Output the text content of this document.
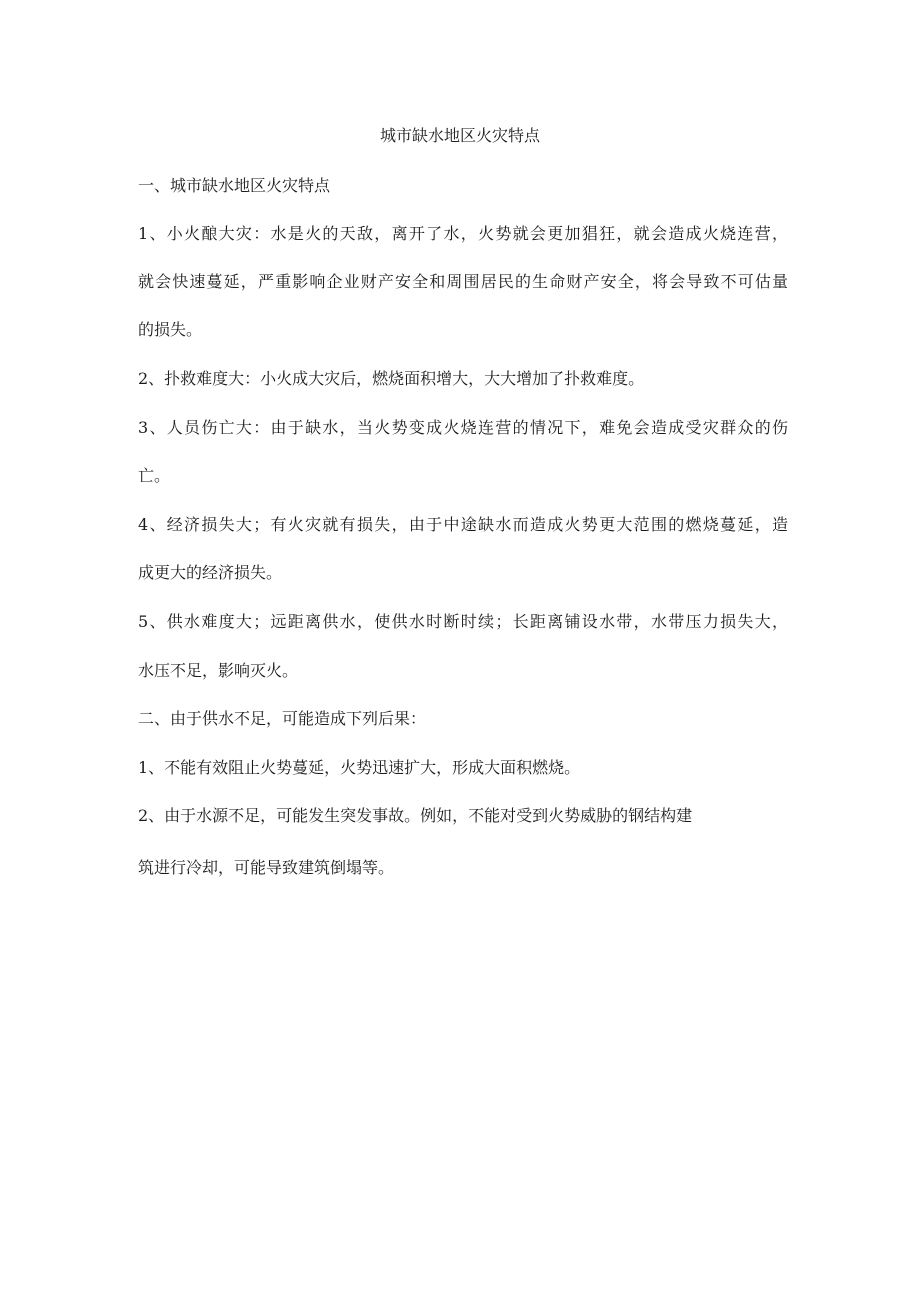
城市缺水地区火灾特点
一、城市缺水地区火灾特点
1、小火酿大灾：水是火的天敌，离开了水，火势就会更加猖狂，就会造成火烧连营，
就会快速蔓延，严重影响企业财产安全和周围居民的生命财产安全，将会导致不可估量
的损失。
2、扑救难度大：小火成大灾后，燃烧面积增大，大大增加了扑救难度。
3、人员伤亡大：由于缺水，当火势变成火烧连营的情况下，难免会造成受灾群众的伤
亡。
4、经济损失大；有火灾就有损失，由于中途缺水而造成火势更大范围的燃烧蔓延，造
成更大的经济损失。
5、供水难度大；远距离供水，使供水时断时续；长距离铺设水带，水带压力损失大，
水压不足，影响灭火。
二、由于供水不足，可能造成下列后果：
1、不能有效阻止火势蔓延，火势迅速扩大，形成大面积燃烧。
2、由于水源不足，可能发生突发事故。例如，不能对受到火势威胁的钢结构建
筑进行冷却，可能导致建筑倒塌等。
